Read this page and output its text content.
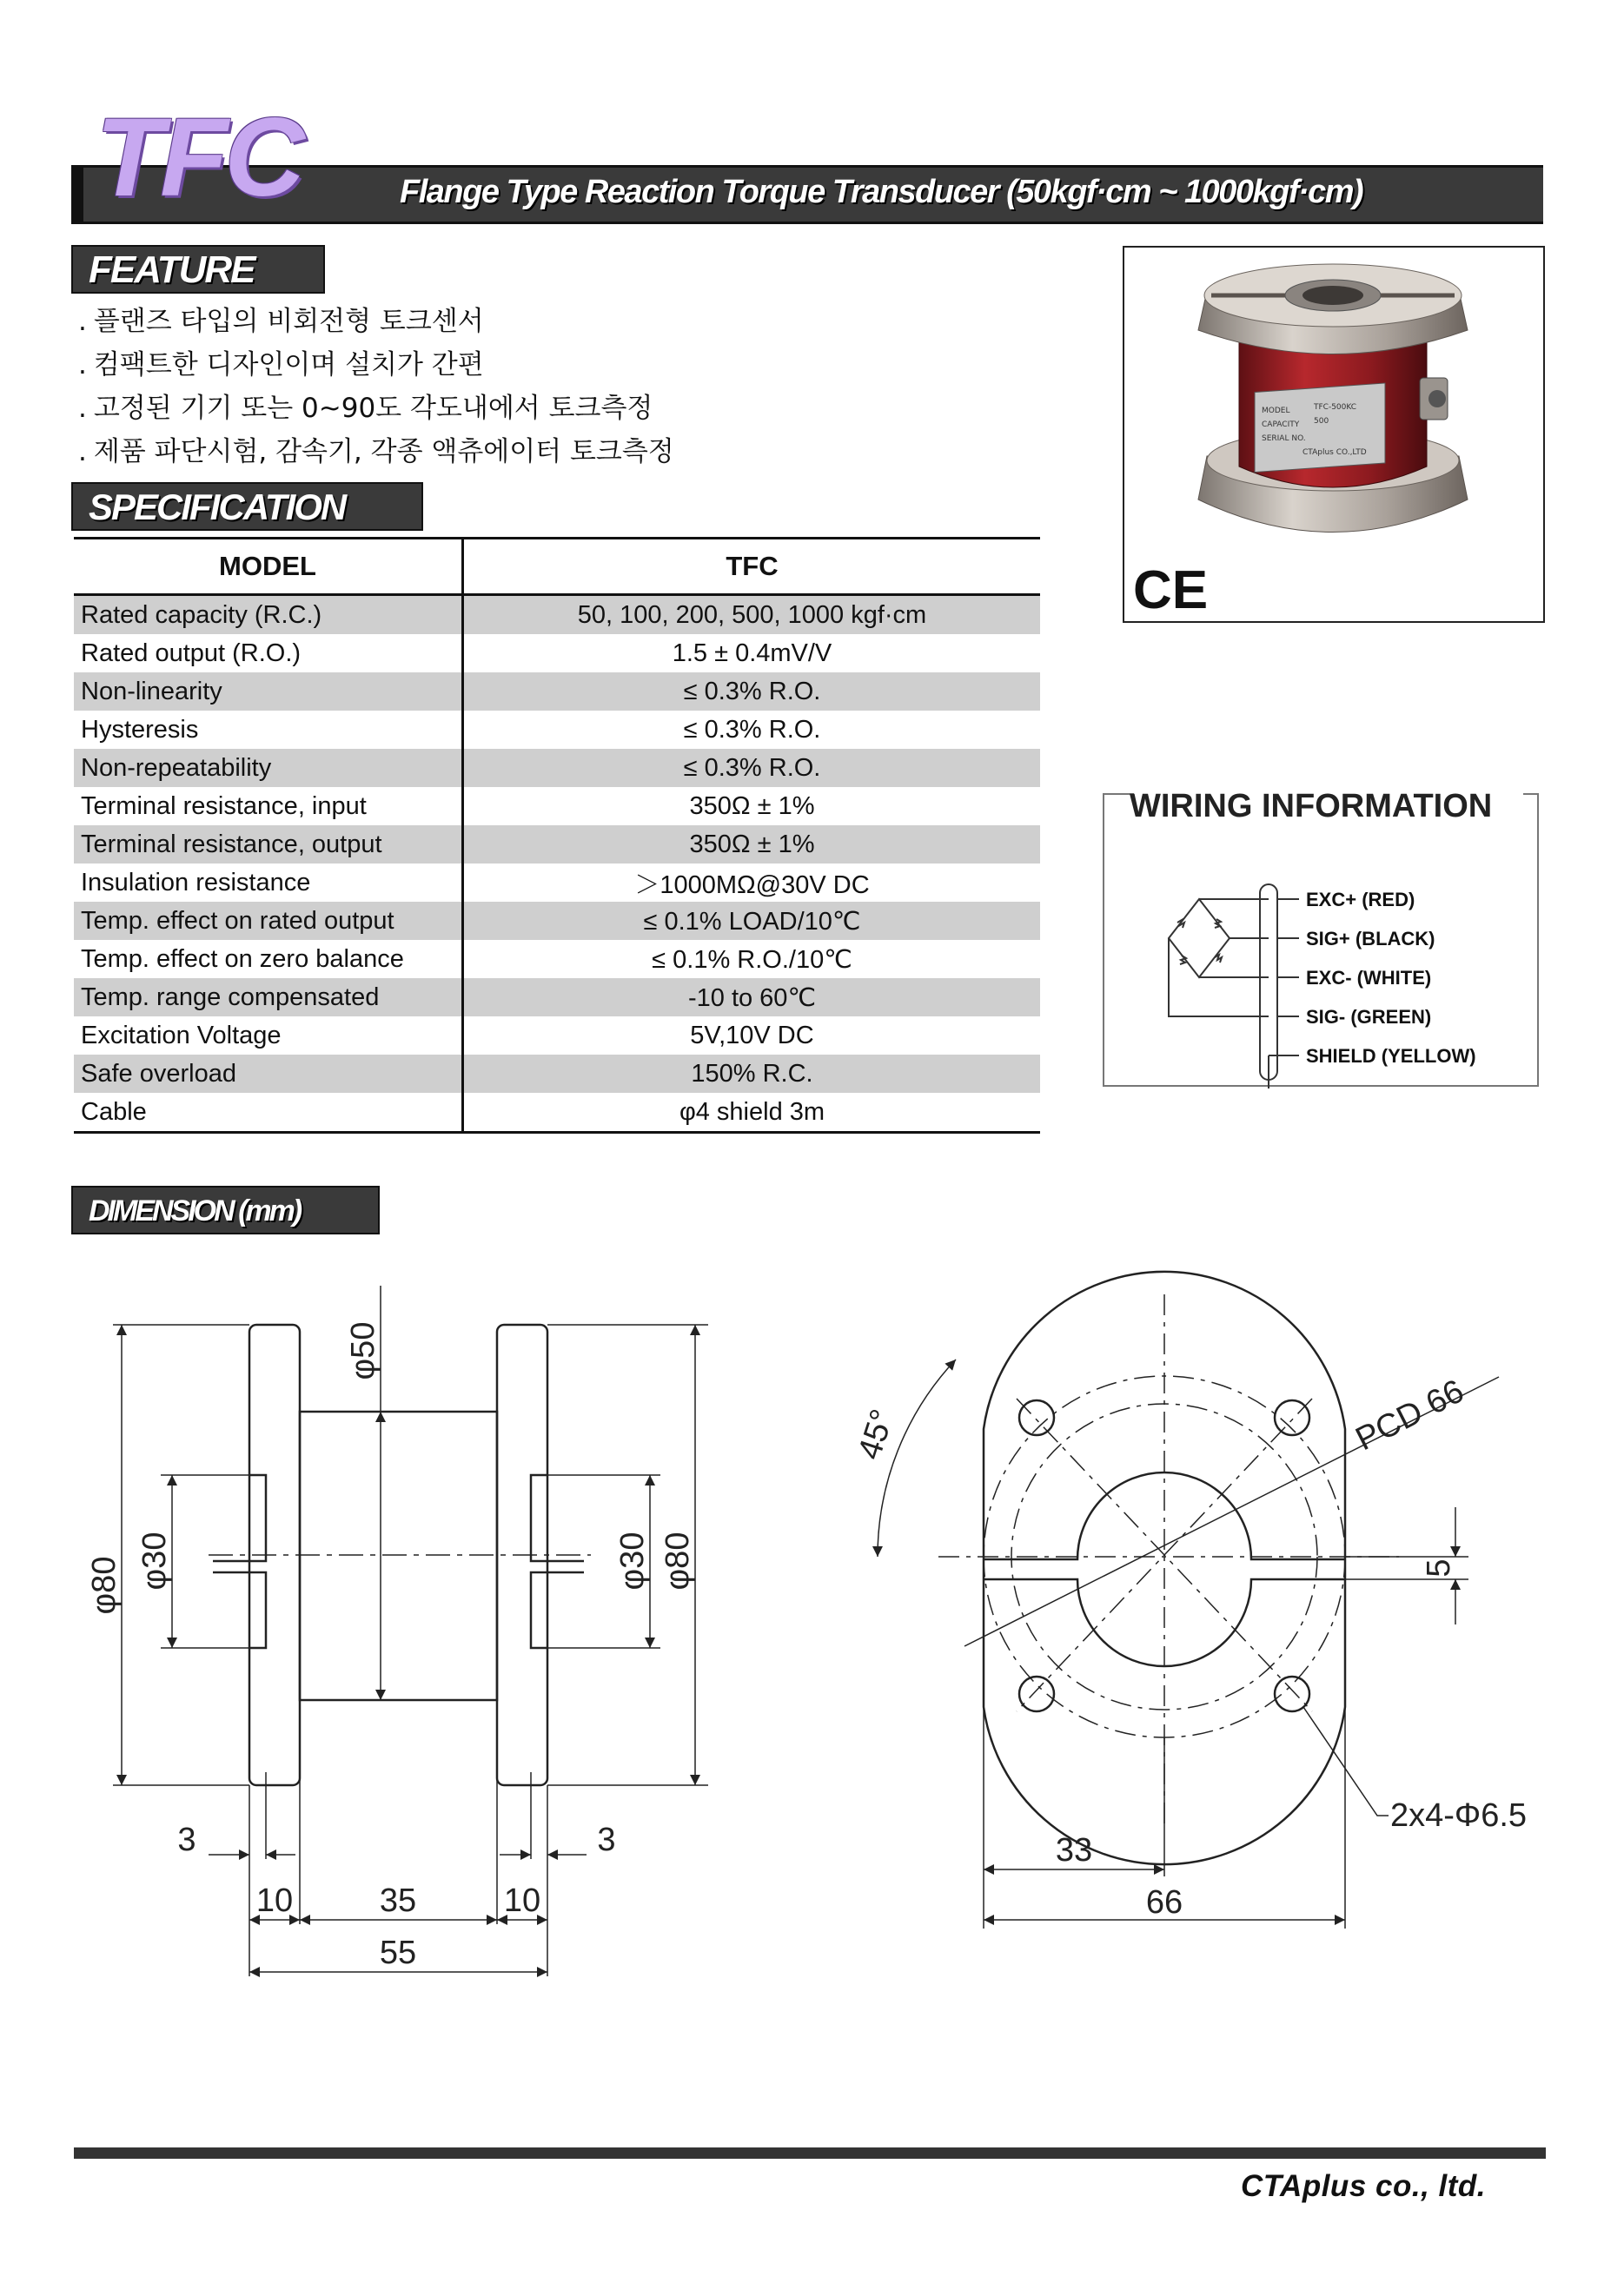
TFC	Flange Type Reaction Torque Transducer (50kgf·cm ~ 1000kgf·cm)
FEATURE
. 플랜즈 타입의 비회전형 토크센서
. 컴팩트한 디자인이며 설치가 간편
. 고정된 기기 또는 0~90도 각도내에서 토크측정
. 제품 파단시험, 감속기, 각종 액츄에이터 토크측정
SPECIFICATION
MODEL	TFC
Rated capacity (R.C.)	50, 100, 200, 500, 1000 kgf·cm
Rated output (R.O.)	1.5 ± 0.4mV/V
Non-linearity	≤ 0.3% R.O.
Hysteresis	≤ 0.3% R.O.
Non-repeatability	≤ 0.3% R.O.
Terminal resistance, input	350Ω ± 1%
Terminal resistance, output	350Ω ± 1%
Insulation resistance	＞1000MΩ@30V DC
Temp. effect on rated output	≤ 0.1% LOAD/10℃
Temp. effect on zero balance	≤ 0.1% R.O./10℃
Temp. range compensated	-10 to 60℃
Excitation Voltage	5V,10V DC
Safe overload	150% R.C.
Cable	φ4 shield 3m
MODEL	TFC-500KC
CAPACITY 500
SERIAL NO.
CTAplus CO.,LTD
CE
WIRING INFORMATION
EXC+ (RED)
SIG+ (BLACK)
EXC- (WHITE)
SIG- (GREEN)
SHIELD (YELLOW)
DIMENSION (mm)
φ80 φ30
φ50
φ30 φ80
3	3
10	35	10
55
45°	PCD 66
5
2x4-Φ6.5
33
66
CTAplus co., ltd.
